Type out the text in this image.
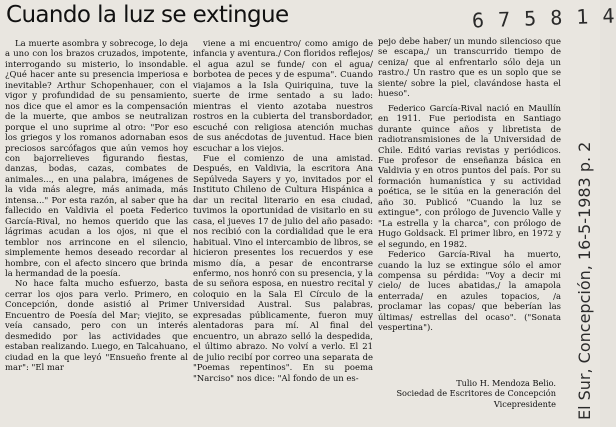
Cuando la luz se extingue	6 7 5 8 1 4

La muerte asombra y sobrecoge, lo deja a uno con los brazos cruzados, impotente, interrogando su misterio, lo insondable. ¿Qué hacer ante su presencia imperiosa e inevitable? Arthur Schopenhauer, con el vigor y profundidad de su pensamiento, nos dice que el amor es la compensación de la muerte, que ambos se neutralizan porque el uno suprime al otro: "Por eso los griegos y los romanos adornaban esos preciosos sarcófagos que aún vemos hoy con bajorrelieves figurando fiestas, danzas, bodas, cazas, combates de animales..., en una palabra, imágenes de la vida más alegre, más animada, más intensa..." Por esta razón, al saber que ha fallecido en Valdivia el poeta Federico García-Rival, no hemos querido que las lágrimas acudan a los ojos, ni que el temblor nos arrincone en el silencio, simplemente hemos deseado recordar al hombre, con el afecto sincero que brinda la hermandad de la poesía.

No hace falta mucho esfuerzo, basta cerrar los ojos para verlo. Primero, en Concepción, donde asistió al Primer Encuentro de Poesía del Mar; viejito, se veía cansado, pero con un interés desmedido por las actividades que estaban realizando. Luego, en Talcahuano, ciudad en la que leyó "Ensueño frente al mar": "El mar

viene a mi encuentro/ como amigo de infancia y aventura./ Con floridos reflejos/ el agua azul se funde/ con el agua/ borbotea de peces y de espuma". Cuando viajamos a la Isla Quiriquina, tuve la suerte de irme sentado a su lado: mientras el viento azotaba nuestros rostros en la cubierta del transbordador, escuché con religiosa atención muchas de sus anécdotas de juventud. Hace bien escuchar a los viejos.

Fue el comienzo de una amistad. Después, en Valdivia, la escritora Ana Sepúlveda Sayers y yo, invitados por el Instituto Chileno de Cultura Hispánica a dar un recital literario en esa ciudad, tuvimos la oportunidad de visitarlo en su casa, el jueves 17 de julio del año pasado: nos recibió con la cordialidad que le era habitual. Vino el intercambio de libros, se hicieron presentes los recuerdos y ese mismo día, a pesar de encontrarse enfermo, nos honró con su presencia, y la de su señora esposa, en nuestro recital y coloquio en la Sala El Círculo de la Universidad Austral. Sus palabras, expresadas públicamente, fueron muy alentadoras para mí. Al final del encuentro, un abrazo selló la despedida, el último abrazo. No volví a verlo. El 21 de julio recibí por correo una separata de "Poemas repentinos". En su poema "Narciso" nos dice: "Al fondo de un es-

pejo debe haber/ un mundo silencioso que se escapa,/ un transcurrido tiempo de ceniza/ que al enfrentarlo sólo deja un rastro./ Un rastro que es un soplo que se siente/ sobre la piel, clavándose hasta el hueso".

Federico García-Rival nació en Maullín en 1911. Fue periodista en Santiago durante quince años y libretista de radiotransmisiones de la Universidad de Chile. Editó varias revistas y periódicos. Fue profesor de enseñanza básica en Valdivia y en otros puntos del país. Por su formación humanística y su actividad poética, se le sitúa en la generación del año 30. Publicó "Cuando la luz se extingue", con prólogo de Juvencio Valle y "La estrella y la charca", con prólogo de Hugo Goldsack. El primer libro, en 1972 y el segundo, en 1982.

Federico García-Rival ha muerto, cuando la luz se extingue sólo el amor compensa su pérdida: "Voy a decir mi cielo/ de luces abatidas,/ la amapola enterrada/ en azules topacios, /a proclamar las copas/ que beberían las últimas/ estrellas del ocaso". ("Sonata vespertina").

Tulio H. Mendoza Belio.
Sociedad de Escritores de Concepción
Vicepresidente El Sur, Concepción, 16-5-1983 p. 2
